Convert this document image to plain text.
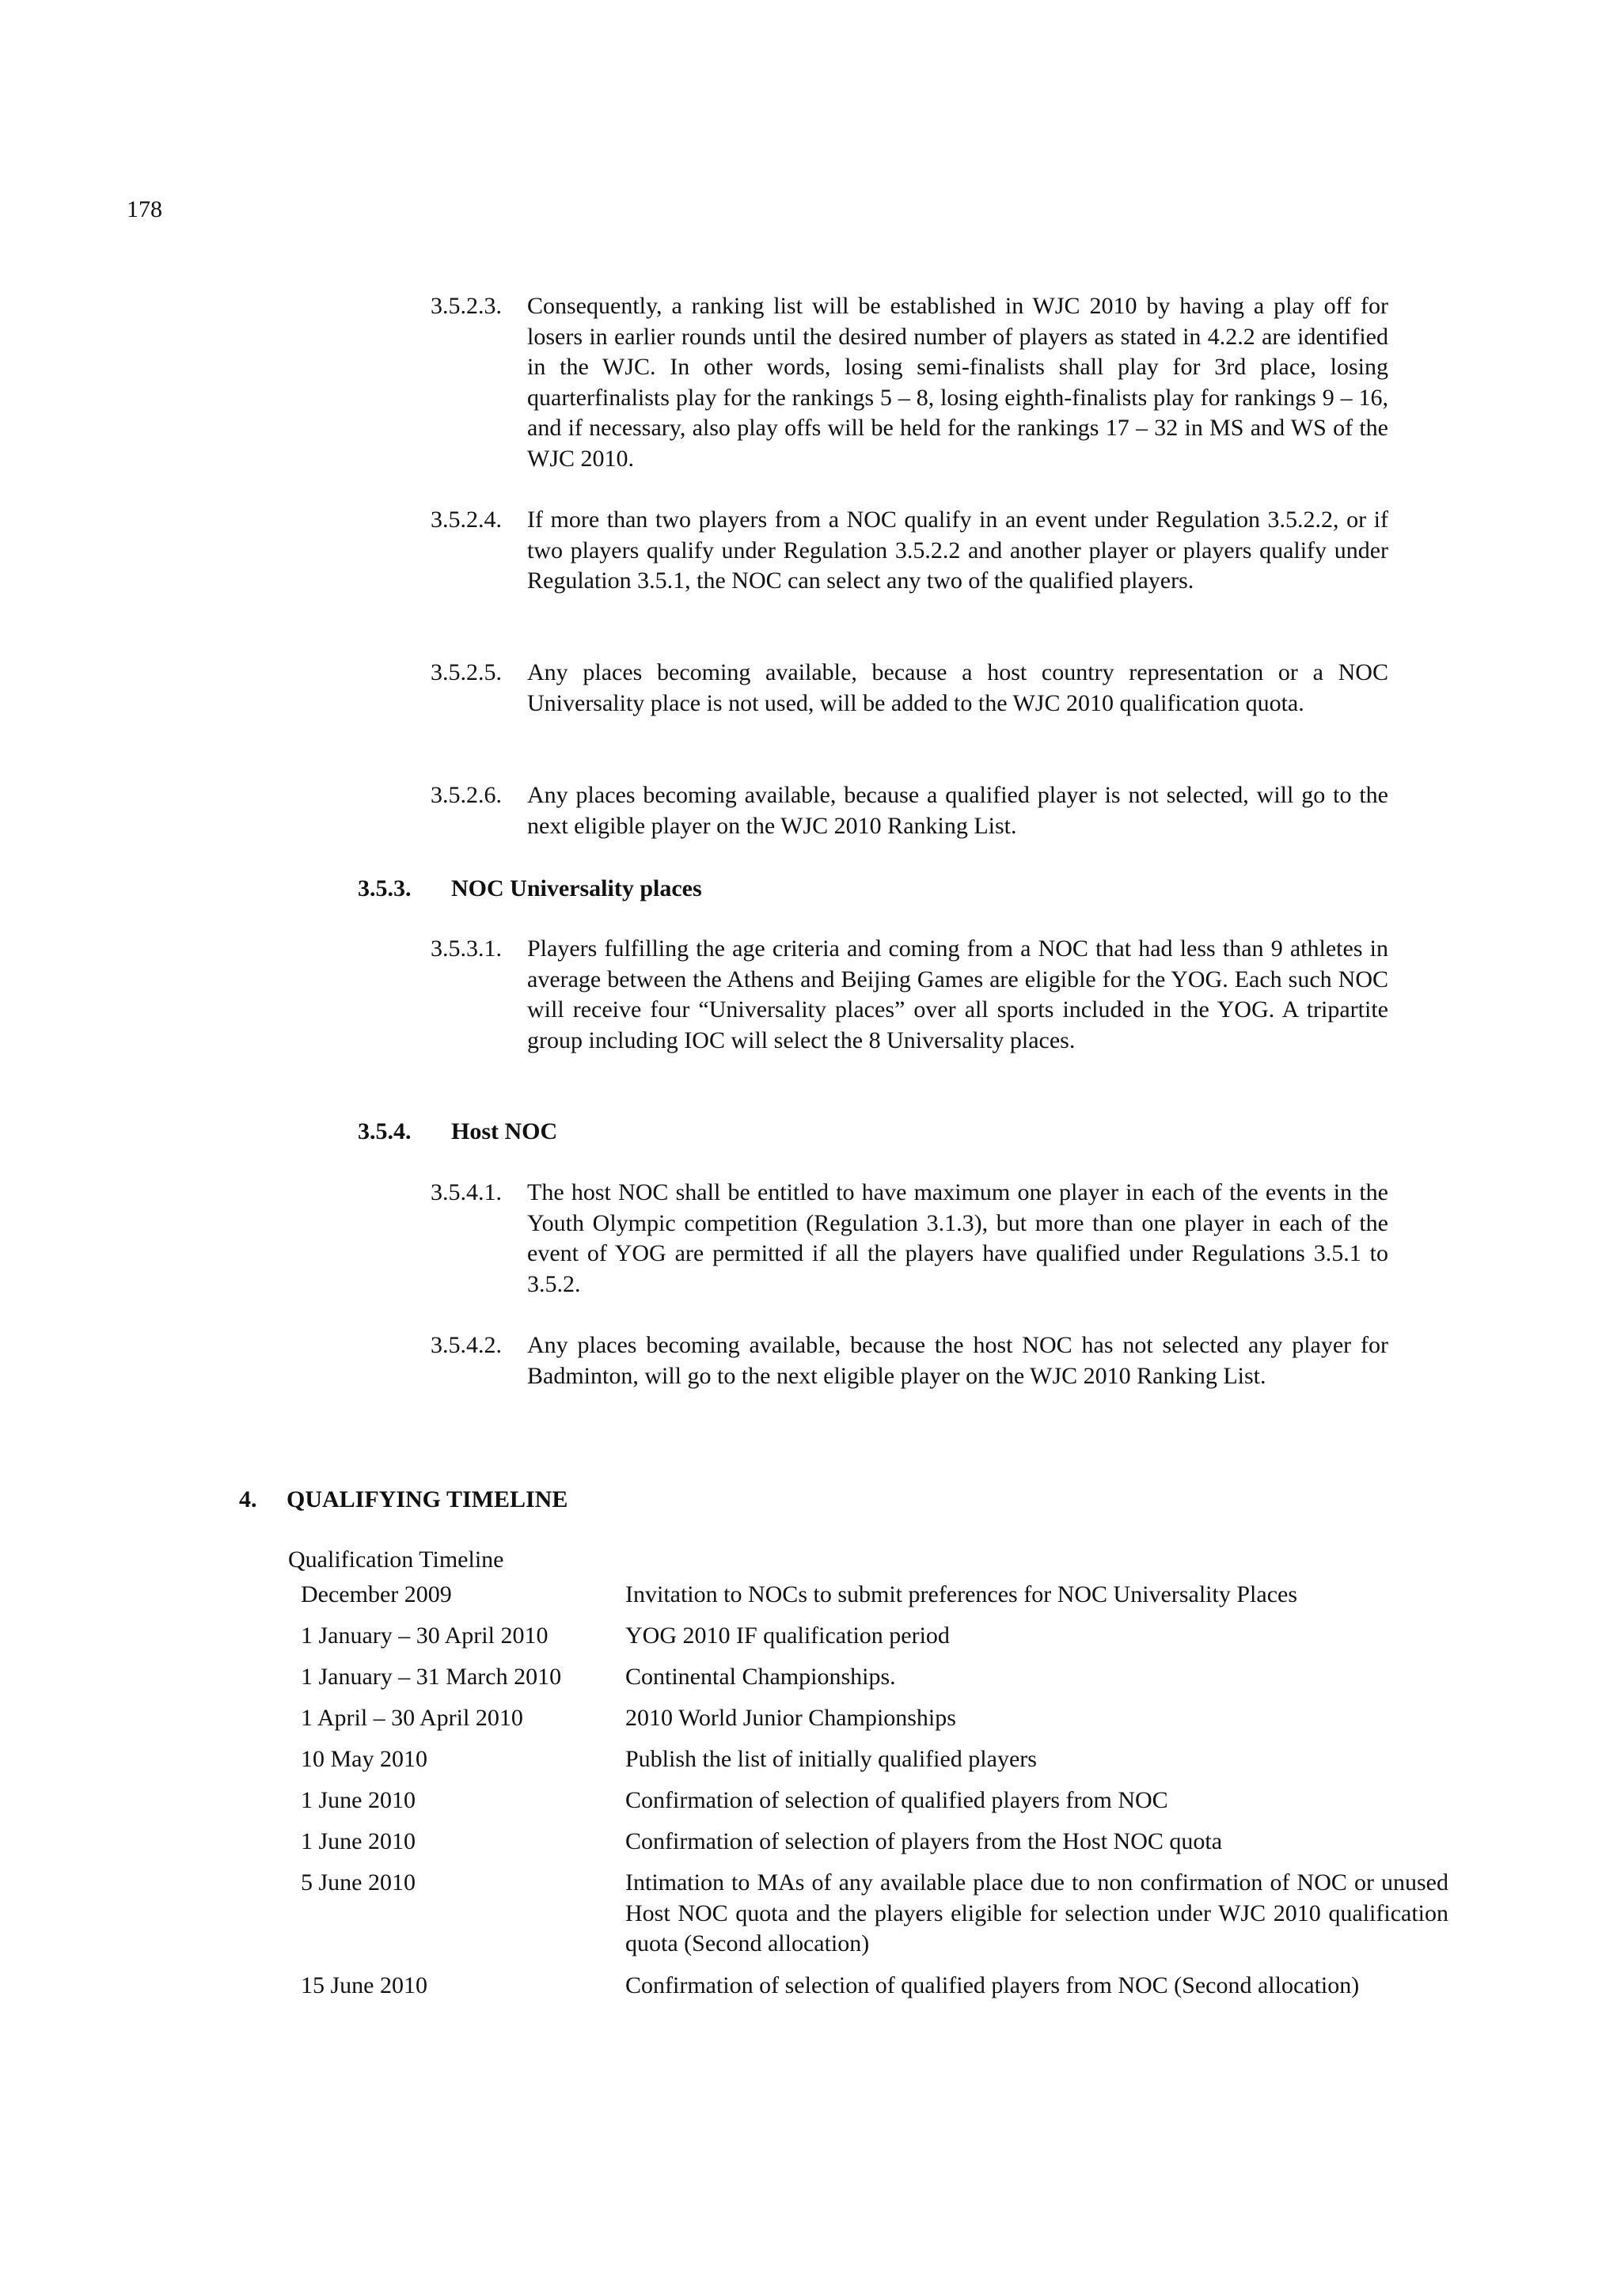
178
3.5.2.3. Consequently, a ranking list will be established in WJC 2010 by having a play off for losers in earlier rounds until the desired number of players as stated in 4.2.2 are identified in the WJC. In other words, losing semi-finalists shall play for 3rd place, losing quarterfinalists play for the rankings 5 – 8, losing eighth-finalists play for rankings 9 – 16, and if necessary, also play offs will be held for the rankings 17 – 32 in MS and WS of the WJC 2010.
3.5.2.4. If more than two players from a NOC qualify in an event under Regulation 3.5.2.2, or if two players qualify under Regulation 3.5.2.2 and another player or players qualify under Regulation 3.5.1, the NOC can select any two of the qualified players.
3.5.2.5. Any places becoming available, because a host country representation or a NOC Universality place is not used, will be added to the WJC 2010 qualification quota.
3.5.2.6. Any places becoming available, because a qualified player is not selected, will go to the next eligible player on the WJC 2010 Ranking List.
3.5.3. NOC Universality places
3.5.3.1. Players fulfilling the age criteria and coming from a NOC that had less than 9 athletes in average between the Athens and Beijing Games are eligible for the YOG. Each such NOC will receive four “Universality places” over all sports included in the YOG. A tripartite group including IOC will select the 8 Universality places.
3.5.4. Host NOC
3.5.4.1. The host NOC shall be entitled to have maximum one player in each of the events in the Youth Olympic competition (Regulation 3.1.3), but more than one player in each of the event of YOG are permitted if all the players have qualified under Regulations 3.5.1 to 3.5.2.
3.5.4.2. Any places becoming available, because the host NOC has not selected any player for Badminton, will go to the next eligible player on the WJC 2010 Ranking List.
4. QUALIFYING TIMELINE
Qualification Timeline
December 2009	Invitation to NOCs to submit preferences for NOC Universality Places
1 January – 30 April 2010	YOG 2010 IF qualification period
1 January – 31 March 2010	Continental Championships.
1 April – 30 April 2010	2010 World Junior Championships
10 May 2010	Publish the list of initially qualified players
1 June 2010	Confirmation of selection of qualified players from NOC
1 June 2010	Confirmation of selection of players from the Host NOC quota
5 June 2010	Intimation to MAs of any available place due to non confirmation of NOC or unused Host NOC quota and the players eligible for selection under WJC 2010 qualification quota (Second allocation)
15 June 2010	Confirmation of selection of qualified players from NOC (Second allocation)
